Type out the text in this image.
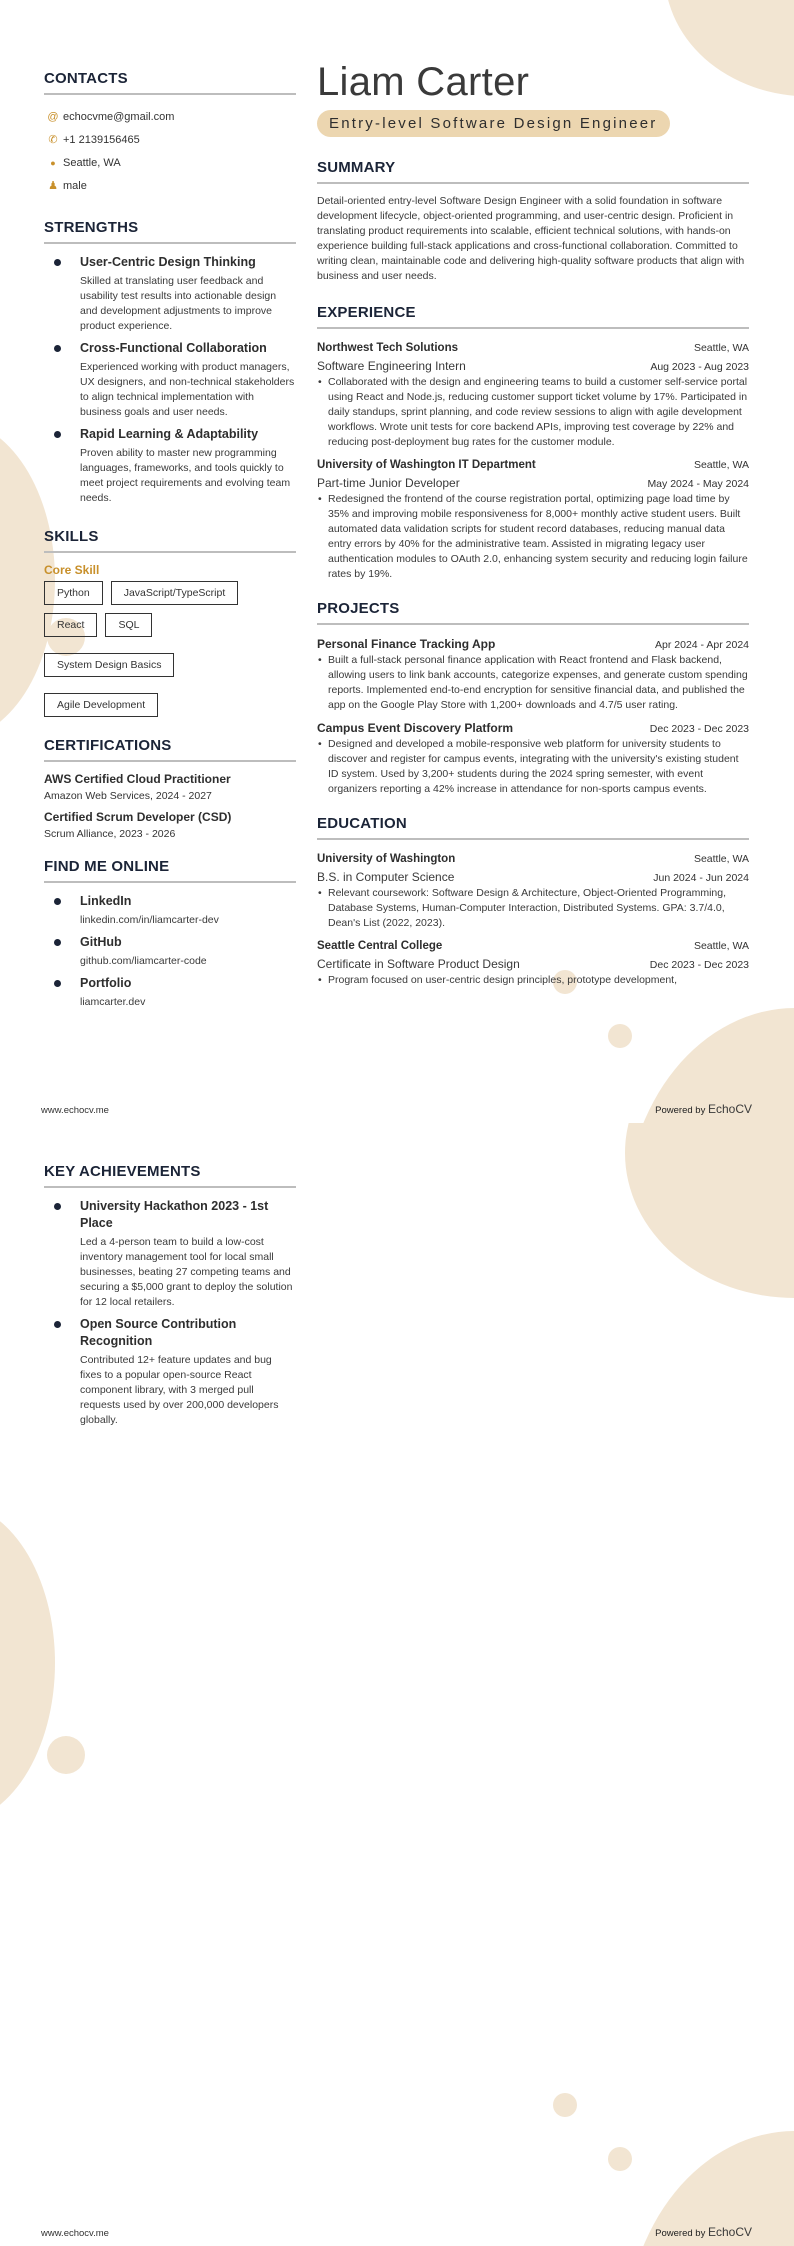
CONTACTS
@ echocvme@gmail.com
✆ +1 2139156465
● Seattle, WA
♟ male
STRENGTHS
User-Centric Design Thinking
Skilled at translating user feedback and usability test results into actionable design and development adjustments to improve product experience.
Cross-Functional Collaboration
Experienced working with product managers, UX designers, and non-technical stakeholders to align technical implementation with business goals and user needs.
Rapid Learning & Adaptability
Proven ability to master new programming languages, frameworks, and tools quickly to meet project requirements and evolving team needs.
SKILLS
Core Skill
Python	JavaScript/TypeScript
React	SQL
System Design Basics
Agile Development
CERTIFICATIONS
AWS Certified Cloud Practitioner
Amazon Web Services, 2024 - 2027
Certified Scrum Developer (CSD)
Scrum Alliance, 2023 - 2026
FIND ME ONLINE
LinkedIn
linkedin.com/in/liamcarter-dev
GitHub
github.com/liamcarter-code
Portfolio
liamcarter.dev
Liam Carter
Entry-level Software Design Engineer
SUMMARY
Detail-oriented entry-level Software Design Engineer with a solid foundation in software development lifecycle, object-oriented programming, and user-centric design. Proficient in translating product requirements into scalable, efficient technical solutions, with hands-on experience building full-stack applications and cross-functional collaboration. Committed to writing clean, maintainable code and delivering high-quality software products that align with business and user needs.
EXPERIENCE
Northwest Tech Solutions	Seattle, WA
Software Engineering Intern	Aug 2023 - Aug 2023
• Collaborated with the design and engineering teams to build a customer self-service portal using React and Node.js, reducing customer support ticket volume by 17%. Participated in daily standups, sprint planning, and code review sessions to align with agile development workflows. Wrote unit tests for core backend APIs, improving test coverage by 22% and reducing post-deployment bug rates for the customer module.
University of Washington IT Department	Seattle, WA
Part-time Junior Developer	May 2024 - May 2024
• Redesigned the frontend of the course registration portal, optimizing page load time by 35% and improving mobile responsiveness for 8,000+ monthly active student users. Built automated data validation scripts for student record databases, reducing manual data entry errors by 40% for the administrative team. Assisted in migrating legacy user authentication modules to OAuth 2.0, enhancing system security and reducing login failure rates by 19%.
PROJECTS
Personal Finance Tracking App	Apr 2024 - Apr 2024
• Built a full-stack personal finance application with React frontend and Flask backend, allowing users to link bank accounts, categorize expenses, and generate custom spending reports. Implemented end-to-end encryption for sensitive financial data, and published the app on the Google Play Store with 1,200+ downloads and 4.7/5 user rating.
Campus Event Discovery Platform	Dec 2023 - Dec 2023
• Designed and developed a mobile-responsive web platform for university students to discover and register for campus events, integrating with the university's existing student ID system. Used by 3,200+ students during the 2024 spring semester, with event organizers reporting a 42% increase in attendance for non-sports campus events.
EDUCATION
University of Washington	Seattle, WA
B.S. in Computer Science	Jun 2024 - Jun 2024
• Relevant coursework: Software Design & Architecture, Object-Oriented Programming, Database Systems, Human-Computer Interaction, Distributed Systems. GPA: 3.7/4.0, Dean's List (2022, 2023).
Seattle Central College	Seattle, WA
Certificate in Software Product Design	Dec 2023 - Dec 2023
• Program focused on user-centric design principles, prototype development,
www.echocv.me	Powered by EchoCV
KEY ACHIEVEMENTS
University Hackathon 2023 - 1st Place
Led a 4-person team to build a low-cost inventory management tool for local small businesses, beating 27 competing teams and securing a $5,000 grant to deploy the solution for 12 local retailers.
Open Source Contribution Recognition
Contributed 12+ feature updates and bug fixes to a popular open-source React component library, with 3 merged pull requests used by over 200,000 developers globally.
www.echocv.me	Powered by EchoCV
